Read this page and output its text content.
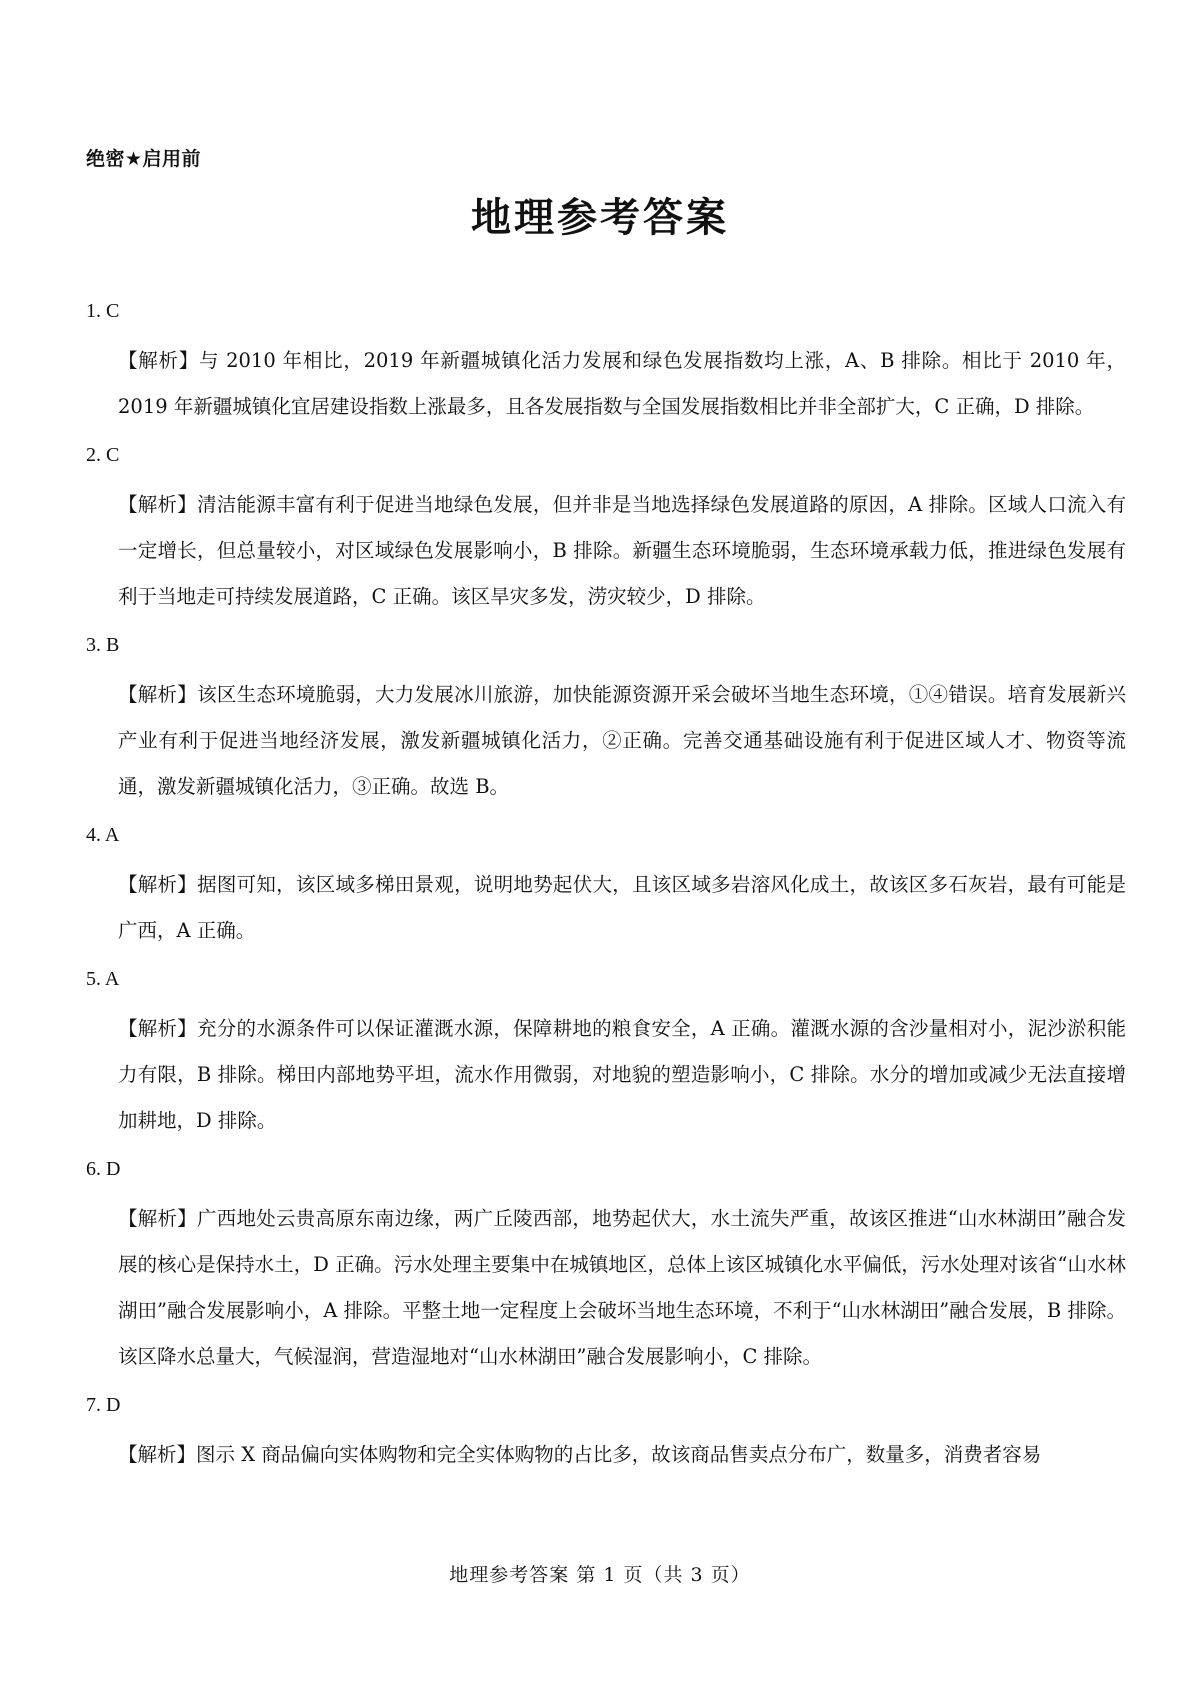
绝密★启用前
地理参考答案
1. C
【解析】与 2010 年相比，2019 年新疆城镇化活力发展和绿色发展指数均上涨，A、B 排除。相比于 2010 年，2019 年新疆城镇化宜居建设指数上涨最多，且各发展指数与全国发展指数相比并非全部扩大，C 正确，D 排除。
2. C
【解析】清洁能源丰富有利于促进当地绿色发展，但并非是当地选择绿色发展道路的原因，A 排除。区域人口流入有一定增长，但总量较小，对区域绿色发展影响小，B 排除。新疆生态环境脆弱，生态环境承载力低，推进绿色发展有利于当地走可持续发展道路，C 正确。该区旱灾多发，涝灾较少，D 排除。
3. B
【解析】该区生态环境脆弱，大力发展冰川旅游，加快能源资源开采会破坏当地生态环境，①④错误。培育发展新兴产业有利于促进当地经济发展，激发新疆城镇化活力，②正确。完善交通基础设施有利于促进区域人才、物资等流通，激发新疆城镇化活力，③正确。故选 B。
4. A
【解析】据图可知，该区域多梯田景观，说明地势起伏大，且该区域多岩溶风化成土，故该区多石灰岩，最有可能是广西，A 正确。
5. A
【解析】充分的水源条件可以保证灌溉水源，保障耕地的粮食安全，A 正确。灌溉水源的含沙量相对小，泥沙淤积能力有限，B 排除。梯田内部地势平坦，流水作用微弱，对地貌的塑造影响小，C 排除。水分的增加或减少无法直接增加耕地，D 排除。
6. D
【解析】广西地处云贵高原东南边缘，两广丘陵西部，地势起伏大，水土流失严重，故该区推进“山水林湖田”融合发展的核心是保持水土，D 正确。污水处理主要集中在城镇地区，总体上该区城镇化水平偏低，污水处理对该省“山水林湖田”融合发展影响小，A 排除。平整土地一定程度上会破坏当地生态环境，不利于“山水林湖田”融合发展，B 排除。该区降水总量大，气候湿润，营造湿地对“山水林湖田”融合发展影响小，C 排除。
7. D
【解析】图示 X 商品偏向实体购物和完全实体购物的占比多，故该商品售卖点分布广，数量多，消费者容易
地理参考答案 第 1 页（共 3 页）
